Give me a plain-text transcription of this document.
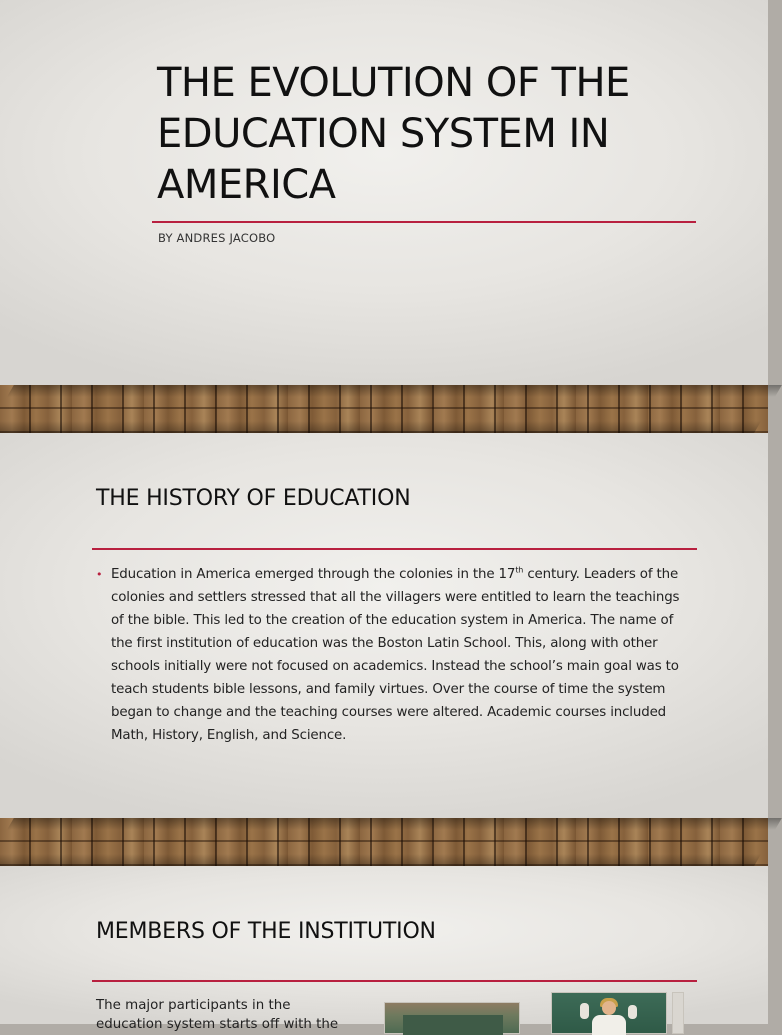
THE EVOLUTION OF THE EDUCATION SYSTEM IN AMERICA
BY ANDRES JACOBO
THE HISTORY OF EDUCATION
• Education in America emerged through the colonies in the 17th century. Leaders of the colonies and settlers stressed that all the villagers were entitled to learn the teachings of the bible. This led to the creation of the education system in America. The name of the first institution of education was the Boston Latin School. This, along with other schools initially were not focused on academics. Instead the school’s main goal was to teach students bible lessons, and family virtues. Over the course of time the system began to change and the teaching courses were altered. Academic courses included Math, History, English, and Science.
MEMBERS OF THE INSTITUTION
The major participants in the education system starts off with the
